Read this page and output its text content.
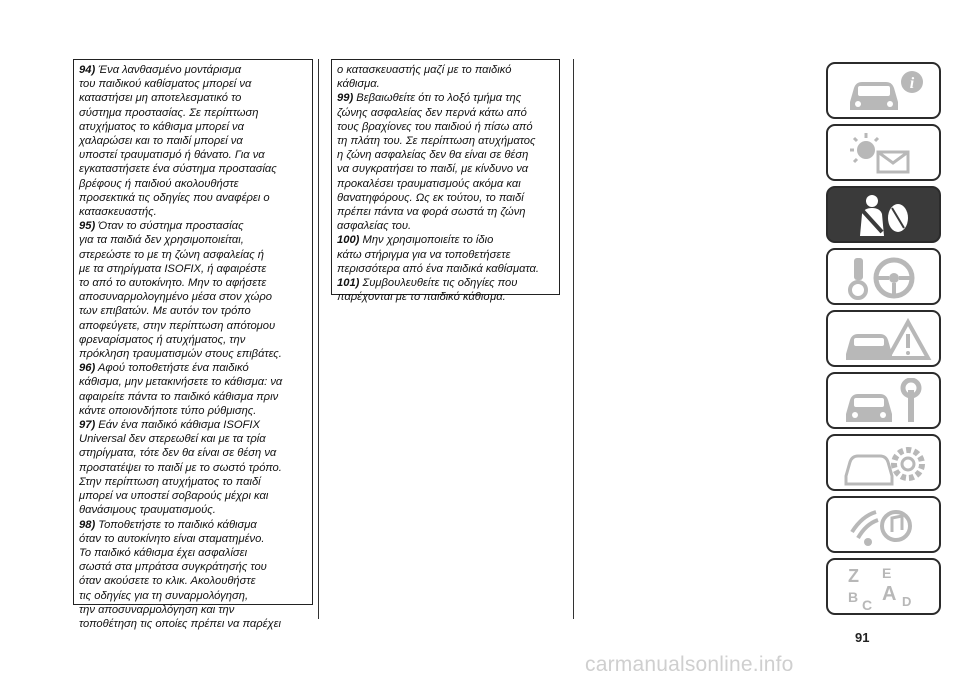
94) Ένα λανθασμένο μοντάρισμα
του παιδικού καθίσματος μπορεί να
καταστήσει μη αποτελεσματικό το
σύστημα προστασίας. Σε περίπτωση
ατυχήματος το κάθισμα μπορεί να
χαλαρώσει και το παιδί μπορεί να
υποστεί τραυματισμό ή θάνατο. Για να
εγκαταστήσετε ένα σύστημα προστασίας
βρέφους ή παιδιού ακολουθήστε
προσεκτικά τις οδηγίες που αναφέρει ο
κατασκευαστής.

95) Όταν το σύστημα προστασίας
για τα παιδιά δεν χρησιμοποιείται,
στερεώστε το με τη ζώνη ασφαλείας ή
με τα στηρίγματα ISOFIX, ή αφαιρέστε
το από το αυτοκίνητο. Μην το αφήσετε
αποσυναρμολογημένο μέσα στον χώρο
των επιβατών. Με αυτόν τον τρόπο
αποφεύγετε, στην περίπτωση απότομου
φρεναρίσματος ή ατυχήματος, την
πρόκληση τραυματισμών στους επιβάτες.

96) Αφού τοποθετήστε ένα παιδικό
κάθισμα, μην μετακινήσετε το κάθισμα: να
αφαιρείτε πάντα το παιδικό κάθισμα πριν
κάντε οποιονδήποτε τύπο ρύθμισης.

97) Εάν ένα παιδικό κάθισμα ISOFIX
Universal δεν στερεωθεί και με τα τρία
στηρίγματα, τότε δεν θα είναι σε θέση να
προστατέψει το παιδί με το σωστό τρόπο.
Στην περίπτωση ατυχήματος το παιδί
μπορεί να υποστεί σοβαρούς μέχρι και
θανάσιμους τραυματισμούς.

98) Τοποθετήστε το παιδικό κάθισμα
όταν το αυτοκίνητο είναι σταματημένο.
Το παιδικό κάθισμα έχει ασφαλίσει
σωστά στα μπράτσα συγκράτησής του
όταν ακούσετε το κλικ. Ακολουθήστε
τις οδηγίες για τη συναρμολόγηση,
την αποσυναρμολόγηση και την
τοποθέτηση τις οποίες πρέπει να παρέχει

ο κατασκευαστής μαζί με το παιδικό
κάθισμα.

99) Βεβαιωθείτε ότι το λοξό τμήμα της
ζώνης ασφαλείας δεν περνά κάτω από
τους βραχίονες του παιδιού ή πίσω από
τη πλάτη του. Σε περίπτωση ατυχήματος
η ζώνη ασφαλείας δεν θα είναι σε θέση
να συγκρατήσει το παιδί, με κίνδυνο να
προκαλέσει τραυματισμούς ακόμα και
θανατηφόρους. Ως εκ τούτου, το παιδί
πρέπει πάντα να φορά σωστά τη ζώνη
ασφαλείας του.

100) Μην χρησιμοποιείτε το ίδιο
κάτω στήριγμα για να τοποθετήσετε
περισσότερα από ένα παιδικά καθίσματα.

101) Συμβουλευθείτε τις οδηγίες που
παρέχονται με το παιδικό κάθισμα.

i
Z E
A
B C D
91
carmanualsonline.info
